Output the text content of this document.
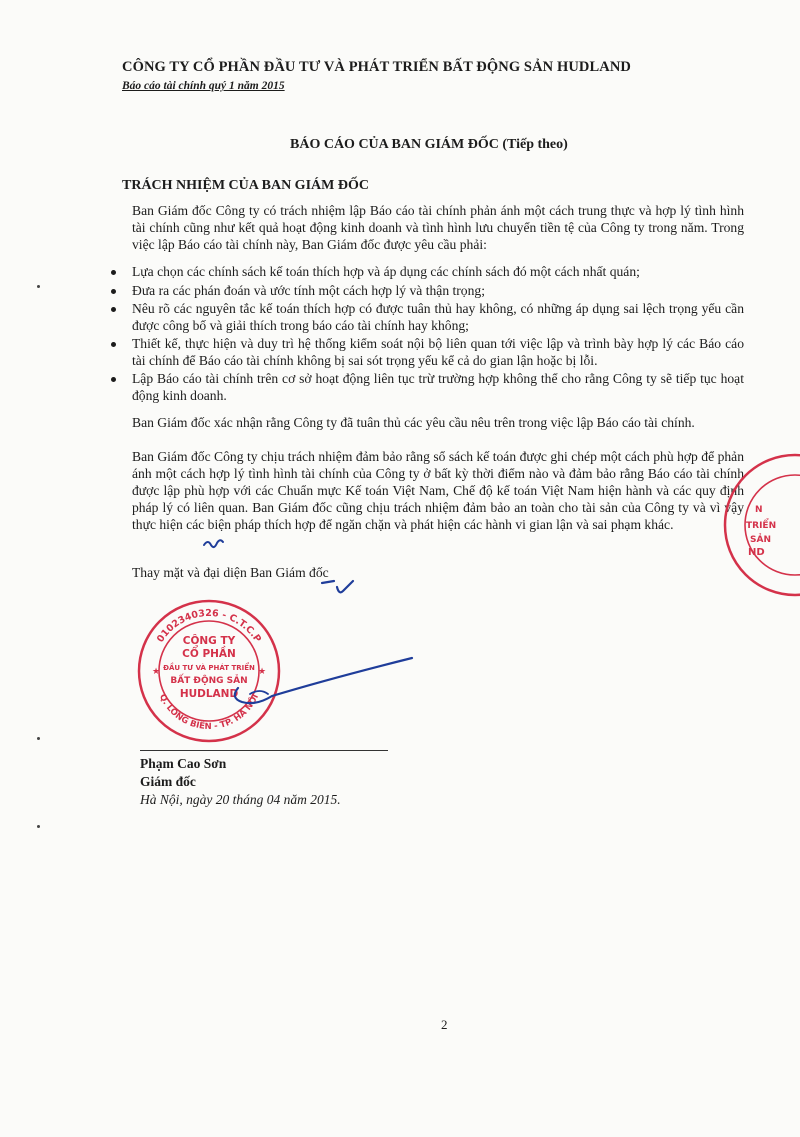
CÔNG TY CỔ PHẦN ĐẦU TƯ VÀ PHÁT TRIỂN BẤT ĐỘNG SẢN HUDLAND
Báo cáo tài chính quý 1 năm 2015
BÁO CÁO CỦA BAN GIÁM ĐỐC (Tiếp theo)
TRÁCH NHIỆM CỦA BAN GIÁM ĐỐC

Ban Giám đốc Công ty có trách nhiệm lập Báo cáo tài chính phản ánh một cách trung thực và hợp lý tình hình tài chính cũng như kết quả hoạt động kinh doanh và tình hình lưu chuyển tiền tệ của Công ty trong năm. Trong việc lập Báo cáo tài chính này, Ban Giám đốc được yêu cầu phải:

Lựa chọn các chính sách kế toán thích hợp và áp dụng các chính sách đó một cách nhất quán;
Đưa ra các phán đoán và ước tính một cách hợp lý và thận trọng;
Nêu rõ các nguyên tắc kế toán thích hợp có được tuân thủ hay không, có những áp dụng sai lệch trọng yếu cần được công bố và giải thích trong báo cáo tài chính hay không;
Thiết kế, thực hiện và duy trì hệ thống kiểm soát nội bộ liên quan tới việc lập và trình bày hợp lý các Báo cáo tài chính để Báo cáo tài chính không bị sai sót trọng yếu kể cả do gian lận hoặc bị lỗi.
Lập Báo cáo tài chính trên cơ sở hoạt động liên tục trừ trường hợp không thể cho rằng Công ty sẽ tiếp tục hoạt động kinh doanh.

Ban Giám đốc xác nhận rằng Công ty đã tuân thủ các yêu cầu nêu trên trong việc lập Báo cáo tài chính.

Ban Giám đốc Công ty chịu trách nhiệm đảm bảo rằng sổ sách kế toán được ghi chép một cách phù hợp để phản ánh một cách hợp lý tình hình tài chính của Công ty ở bất kỳ thời điểm nào và đảm bảo rằng Báo cáo tài chính được lập phù hợp với các Chuẩn mực Kế toán Việt Nam, Chế độ kế toán Việt Nam hiện hành và các quy định pháp lý có liên quan. Ban Giám đốc cũng chịu trách nhiệm đảm bảo an toàn cho tài sản của Công ty và vì vậy thực hiện các biện pháp thích hợp để ngăn chặn và phát hiện các hành vi gian lận và sai phạm khác.

Thay mặt và đại diện Ban Giám đốc

0102340326 - C.T.C.P
Q. LONG BIÊN - TP. HÀ NỘI
CÔNG TY
CỔ PHẦN
ĐẦU TƯ VÀ PHÁT TRIỂN
BẤT ĐỘNG SẢN
HUDLAND
★	★
N
TRIỂN
SẢN
ND
Phạm Cao Sơn
Giám đốc
Hà Nội, ngày 20 tháng 04 năm 2015.
2
